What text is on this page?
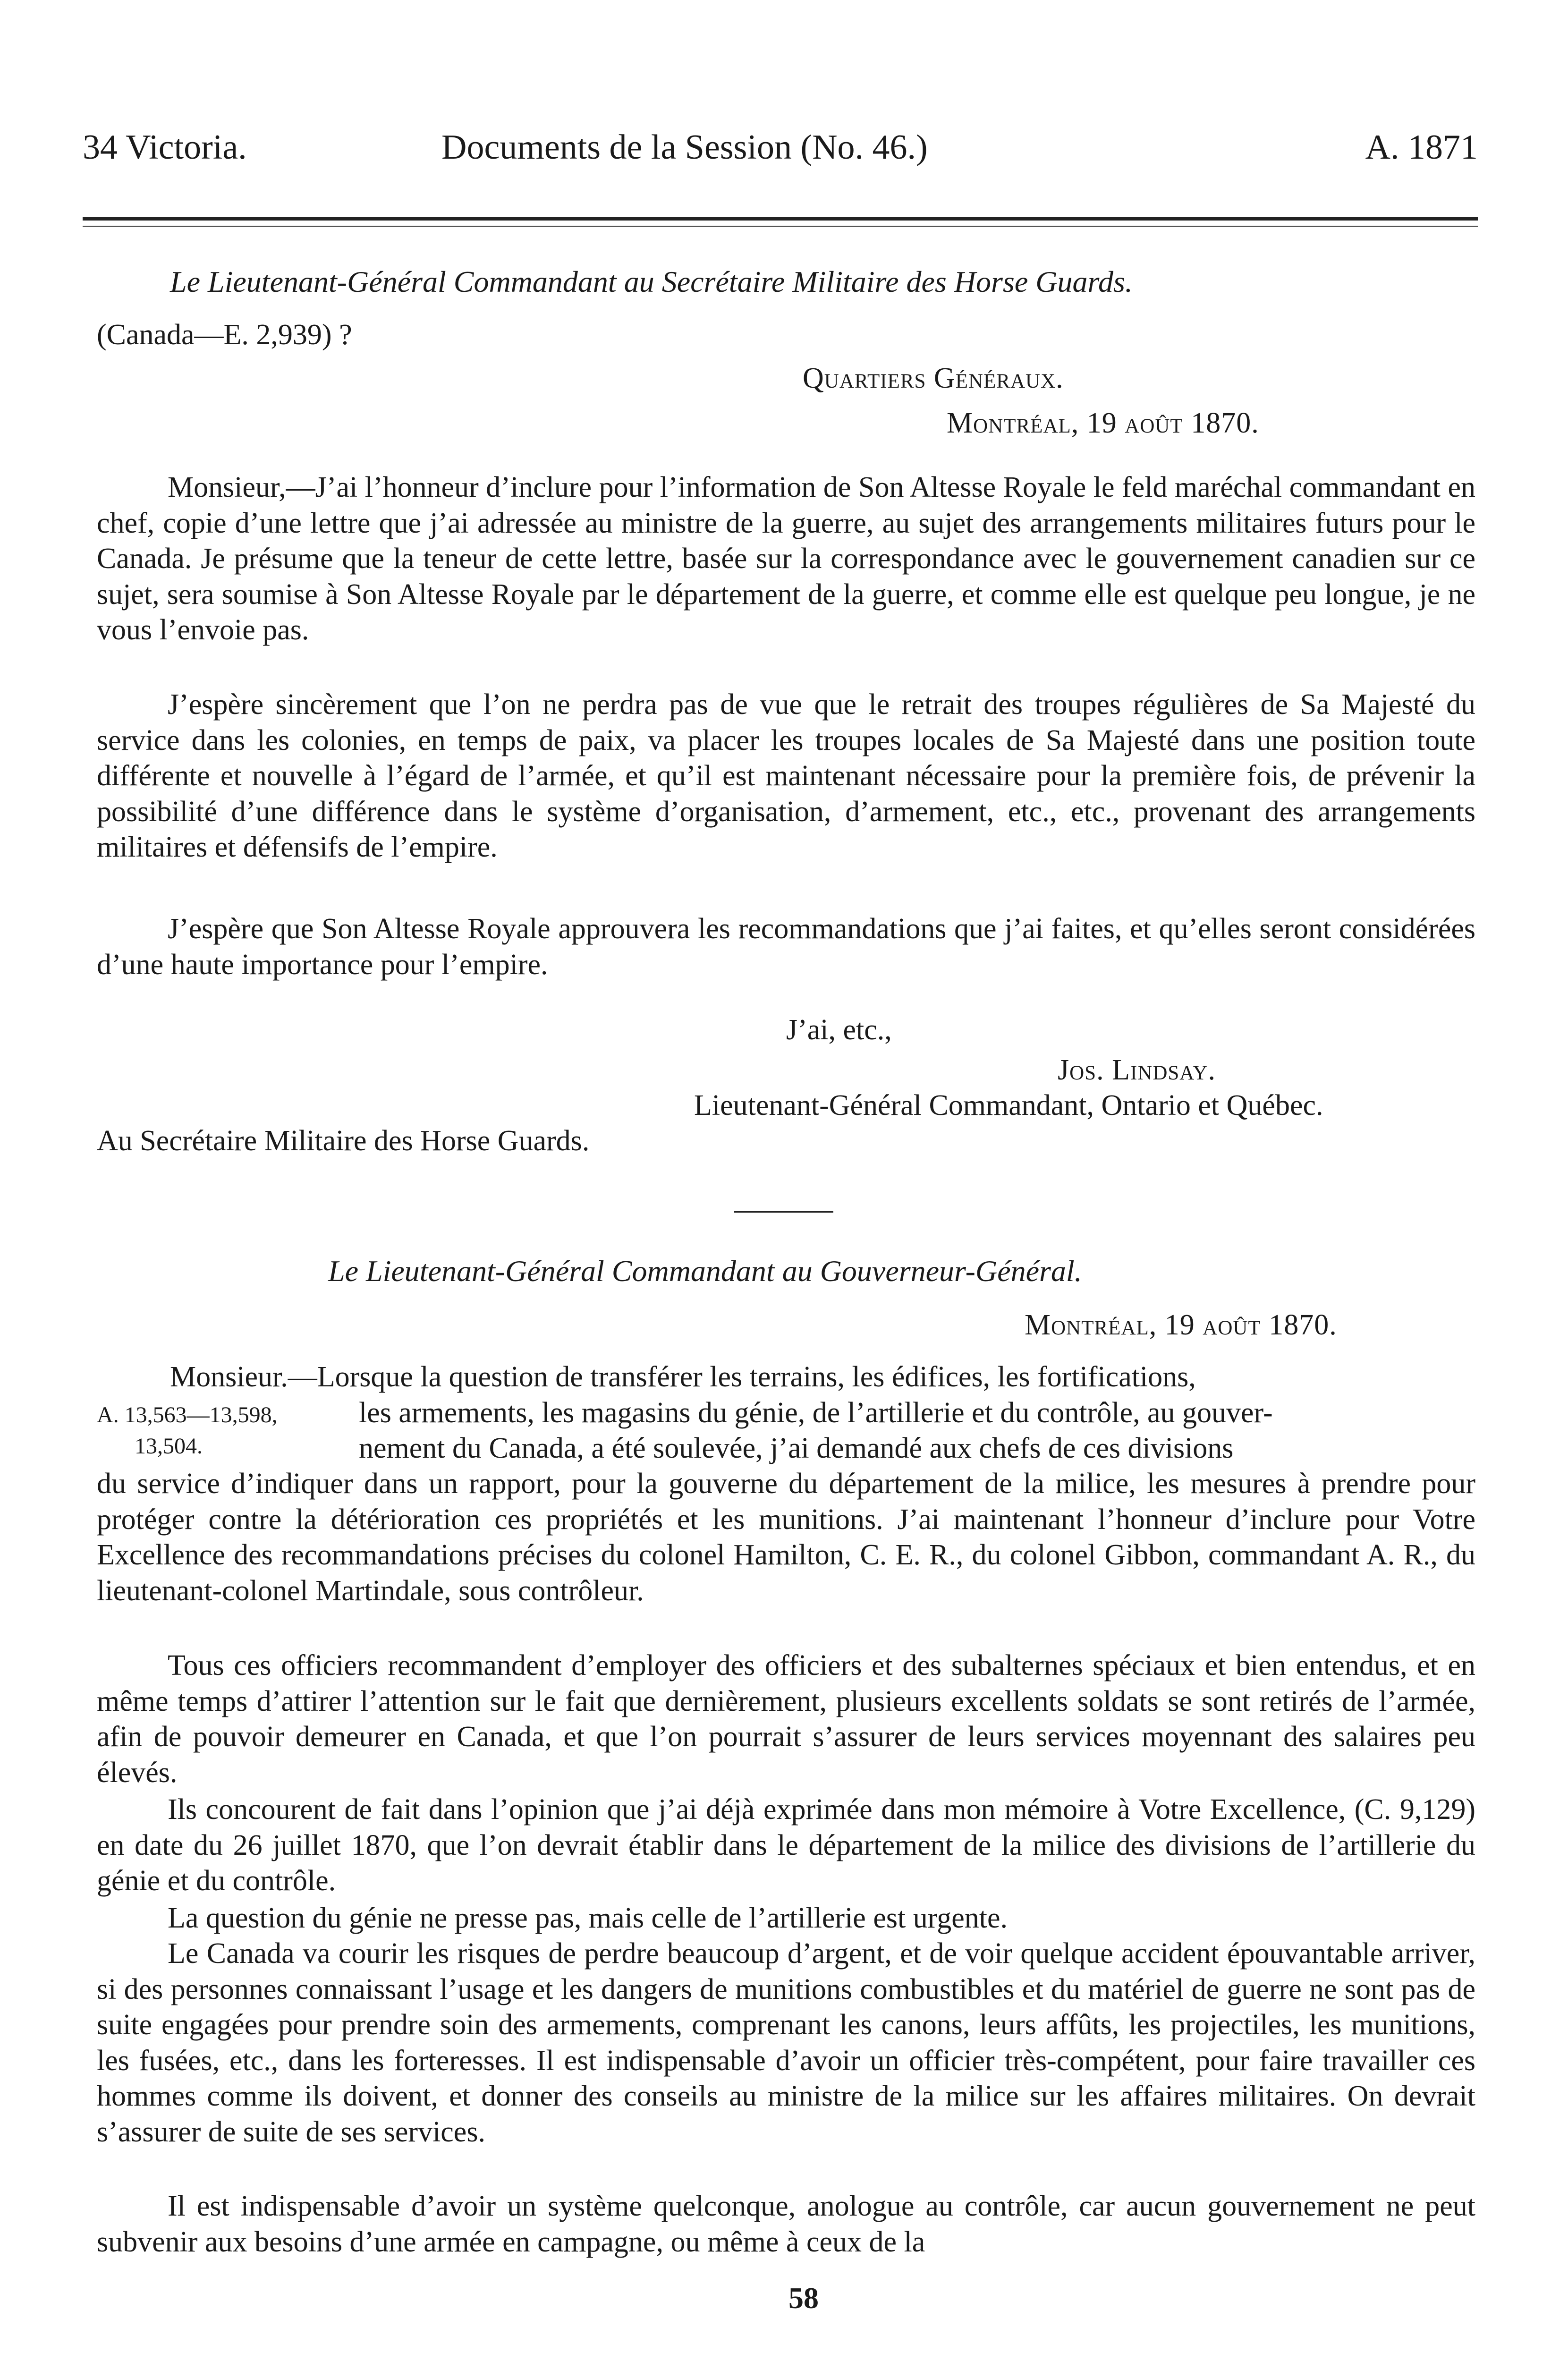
34 Victoria.	Documents de la Session (No. 46.)	A. 1871
Le Lieutenant-Général Commandant au Secrétaire Militaire des Horse Guards.
(Canada—E. 2,939) ?
Quartiers Généraux.
Montréal, 19 août 1870.

Monsieur,—J’ai l’honneur d’inclure pour l’information de Son Altesse Royale le feld maréchal commandant en chef, copie d’une lettre que j’ai adressée au ministre de la guerre, au sujet des arrangements militaires futurs pour le Canada. Je présume que la teneur de cette lettre, basée sur la correspondance avec le gouvernement canadien sur ce sujet, sera soumise à Son Altesse Royale par le département de la guerre, et comme elle est quelque peu longue, je ne vous l’envoie pas.

J’espère sincèrement que l’on ne perdra pas de vue que le retrait des troupes régulières de Sa Majesté du service dans les colonies, en temps de paix, va placer les troupes locales de Sa Majesté dans une position toute différente et nouvelle à l’égard de l’armée, et qu’il est maintenant nécessaire pour la première fois, de prévenir la possibilité d’une différence dans le système d’organisation, d’armement, etc., etc., provenant des arrangements militaires et défensifs de l’empire.

J’espère que Son Altesse Royale approuvera les recommandations que j’ai faites, et qu’elles seront considérées d’une haute importance pour l’empire.

J’ai, etc.,
Jos. Lindsay.
Lieutenant-Général Commandant, Ontario et Québec.
Au Secrétaire Militaire des Horse Guards.
Le Lieutenant-Général Commandant au Gouverneur-Général.
Montréal, 19 août 1870.
Monsieur.—Lorsque la question de transférer les terrains, les édifices, les fortifications,
A. 13,563—13,598,
13,504.
les armements, les magasins du génie, de l’artillerie et du contrôle, au gouver-
nement du Canada, a été soulevée, j’ai demandé aux chefs de ces divisions

du service d’indiquer dans un rapport, pour la gouverne du département de la milice, les mesures à prendre pour protéger contre la détérioration ces propriétés et les munitions. J’ai maintenant l’honneur d’inclure pour Votre Excellence des recommandations précises du colonel Hamilton, C. E. R., du colonel Gibbon, commandant A. R., du lieutenant-colonel Martindale, sous contrôleur.

Tous ces officiers recommandent d’employer des officiers et des subalternes spéciaux et bien entendus, et en même temps d’attirer l’attention sur le fait que dernièrement, plusieurs excellents soldats se sont retirés de l’armée, afin de pouvoir demeurer en Canada, et que l’on pourrait s’assurer de leurs services moyennant des salaires peu élevés.

Ils concourent de fait dans l’opinion que j’ai déjà exprimée dans mon mémoire à Votre Excellence, (C. 9,129) en date du 26 juillet 1870, que l’on devrait établir dans le département de la milice des divisions de l’artillerie du génie et du contrôle.

La question du génie ne presse pas, mais celle de l’artillerie est urgente.

Le Canada va courir les risques de perdre beaucoup d’argent, et de voir quelque accident épouvantable arriver, si des personnes connaissant l’usage et les dangers de munitions combustibles et du matériel de guerre ne sont pas de suite engagées pour prendre soin des armements, comprenant les canons, leurs affûts, les projectiles, les munitions, les fusées, etc., dans les forteresses. Il est indispensable d’avoir un officier très-compétent, pour faire travailler ces hommes comme ils doivent, et donner des conseils au ministre de la milice sur les affaires militaires. On devrait s’assurer de suite de ses services.

Il est indispensable d’avoir un système quelconque, anologue au contrôle, car aucun gouvernement ne peut subvenir aux besoins d’une armée en campagne, ou même à ceux de la

58
